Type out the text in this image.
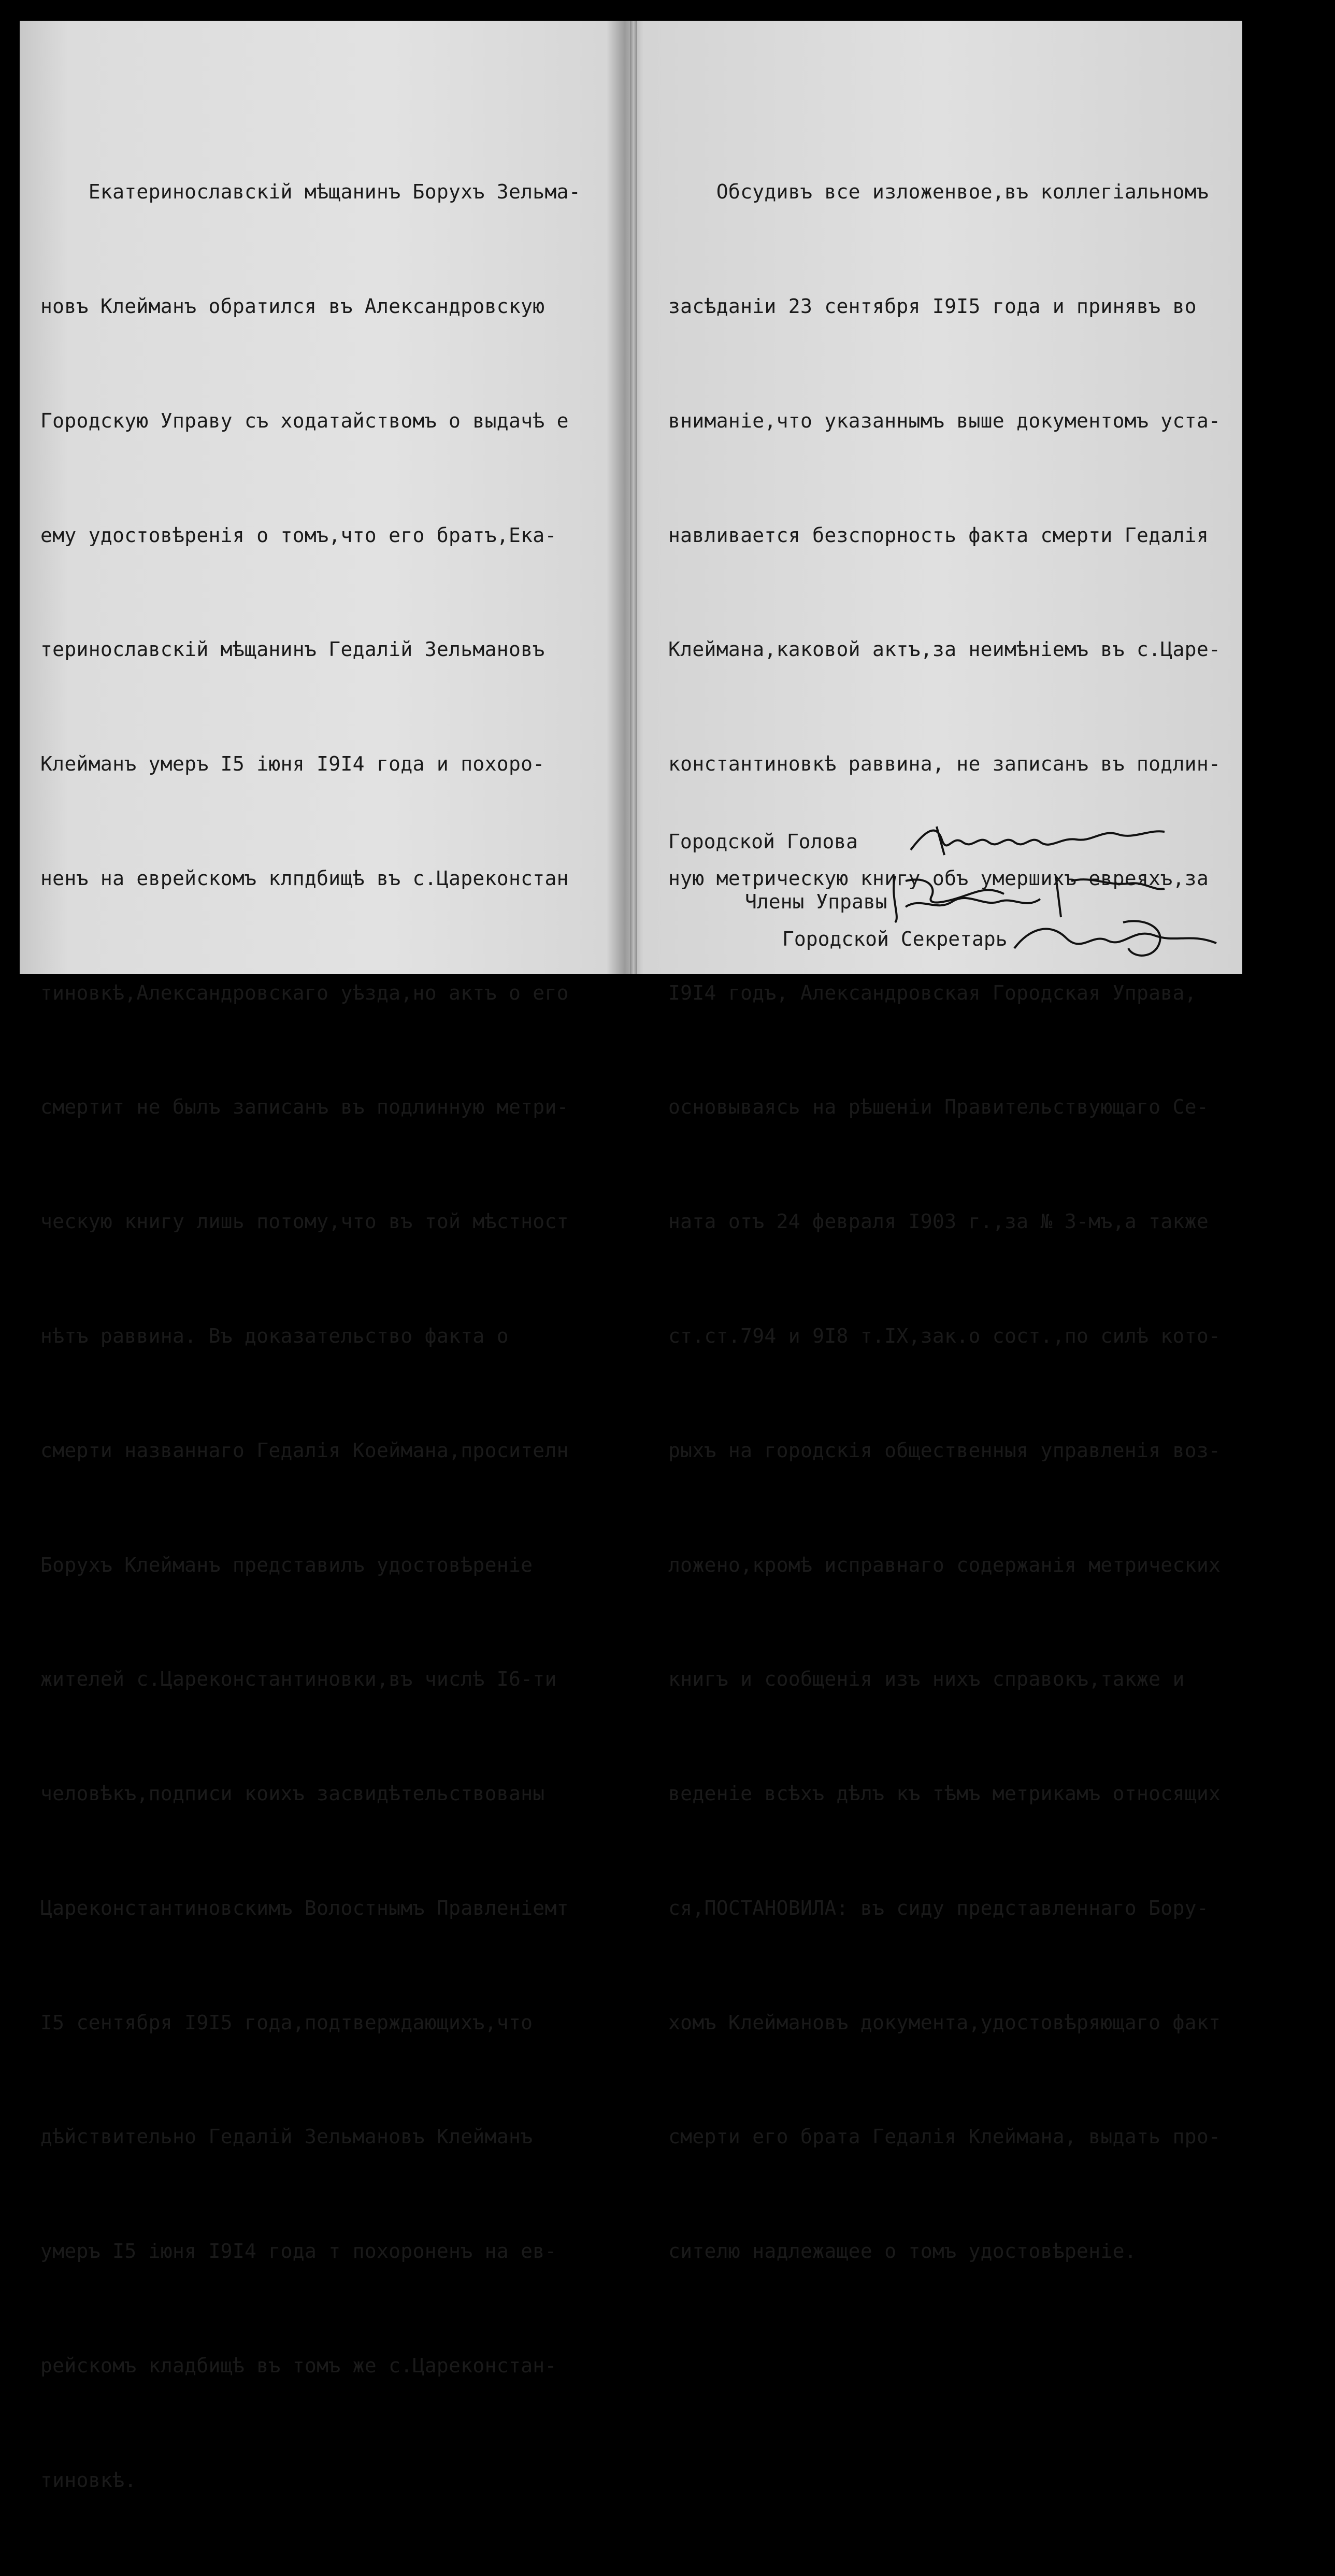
Екатеринославскій мѣщанинъ Борухъ Зельма-

новъ Клейманъ обратился въ Александровскую

Городскую Управу съ ходатайствомъ о выдачѣ е

ему удостовѣренія о томъ,что его братъ,Ека-

теринославскій мѣщанинъ Гедалій Зельмановъ

Клейманъ умеръ I5 іюня I9I4 года и похоро-

ненъ на еврейскомъ клпдбищѣ въ с.Цареконстан

тиновкѣ,Александровскаго уѣзда,но актъ о его

смертит не былъ записанъ въ подлинную метри-

ческую книгу лишь потому,что въ той мѣстност

нѣтъ раввина. Въ доказательство факта о

смерти названнаго Гедалія Коеймана,просителн

Борухъ Клейманъ представилъ удостовѣреніе

жителей с.Цареконстантиновки,въ числѣ I6-ти

человѣкъ,подписи коихъ засвидѣтельствованы

Цареконстантиновскимъ Волостнымъ Правленіемт

I5 сентября I9I5 года,подтверждающихъ,что

дѣйствительно Гедалій Зельмановъ Клейманъ

умеръ I5 іюня I9I4 года т похороненъ на ев-

рейскомъ кладбищѣ въ томъ же с.Цареконстан-

тиновкѣ.

Обсудивъ все изложенвое,въ коллегіальномъ

засѣданіи 23 сентября I9I5 года и принявъ во

вниманіе,что указаннымъ выше документомъ уста-

навливается безспорность факта смерти Гедалія

Клеймана,каковой актъ,за неимѣніемъ въ с.Царе-

константиновкѣ раввина, не записанъ въ подлин-

ную метрическую книгу объ умершихъ евреяхъ,за

I9I4 годъ, Александровская Городская Управа,

основываясь на рѣшеніи Правительствующаго Се-

ната отъ 24 февраля I903 г.,за № 3-мъ,а также

ст.ст.794 и 9I8 т.IX,зак.о сост.,по силѣ кото-

рыхъ на городскія общественныя управленія воз-

ложено,кромѣ исправнаго содержанія метрических

книгъ и сообщенія изъ нихъ справокъ,также и

веденіе всѣхъ дѣлъ къ тѣмъ метрикамъ относящих

ся,ПОСТАНОВИЛА: въ сиду представленнаго Бору-

хомъ Клеймановъ документа,удостовѣряющаго факт

смерти его брата Гедалія Клеймана, выдать про-

сителю надлежащее о томъ удостовѣреніе.

Городской Голова
Члены Управы
Городской Секретарь
